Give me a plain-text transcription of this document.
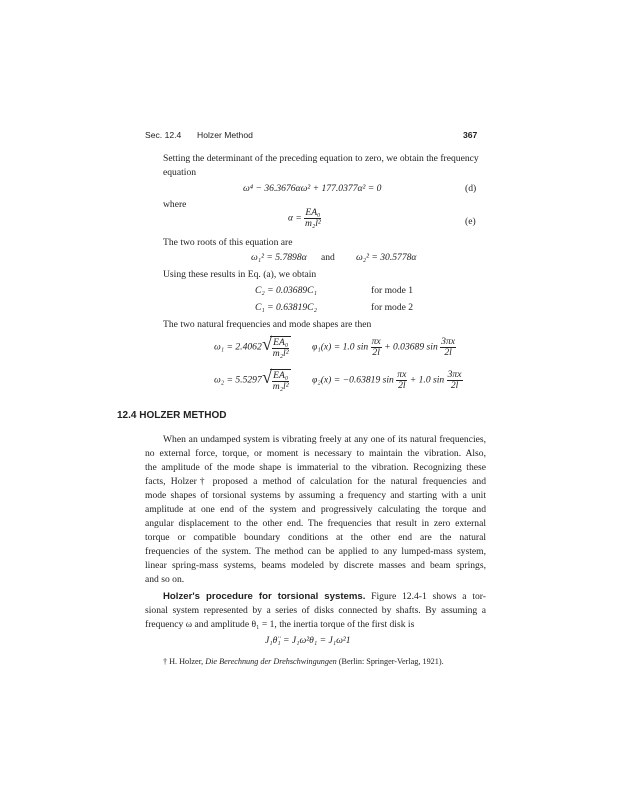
Sec. 12.4 Holzer Method	367
Setting the determinant of the preceding equation to zero, we obtain the frequency
equation
ω⁴ − 36.3676αω² + 177.0377α² = 0	(d)
where
$\alpha = \frac{\text{EA₀}}{\text{m₂l²}}$	(e)
The two roots of this equation are
ω₁² = 5.7898α and ω₂² = 30.5778α
Using these results in Eq. (a), we obtain
C₂ = 0.03689C₁	for mode 1
C₁ = 0.63819C₂	for mode 2
The two natural frequencies and mode shapes are then
ω₁ = 2.4062 √ $\frac{\text{EA₀}}{\text{m₂l²}} \varphi_1(x) = 1.0$ $\sin \frac{\pi x}{2l} + 0.03689$ $\sin \frac{3\pi x}{2l}$
ω₂ = 5.5297 √ $\frac{\text{EA₀}}{\text{m₂l²}} \varphi_2(x) = -0.63819$ $\sin \frac{\pi x}{2l} + 1.0$ $\sin \frac{3\pi x}{2l}$
12.4 HOLZER METHOD
When an undamped system is vibrating freely at any one of its natural frequencies,
no external force, torque, or moment is necessary to maintain the vibration. Also,
the amplitude of the mode shape is immaterial to the vibration. Recognizing these
facts, Holzer† proposed a method of calculation for the natural frequencies and
mode shapes of torsional systems by assuming a frequency and starting with a unit
amplitude at one end of the system and progressively calculating the torque and
angular displacement to the other end. The frequencies that result in zero external
torque or compatible boundary conditions at the other end are the natural
frequencies of the system. The method can be applied to any lumped-mass system,
linear spring-mass systems, beams modeled by discrete masses and beam springs,
and so on.
Holzer's procedure for torsional systems. Figure 12.4-1 shows a tor-
sional system represented by a series of disks connected by shafts. By assuming a
frequency ω and amplitude θ₁ = 1, the inertia torque of the first disk is
J₁θ̈₁ = J₁ω²θ₁ = J₁ω²1
† H. Holzer, Die Berechnung der Drehschwingungen (Berlin: Springer-Verlag, 1921).
